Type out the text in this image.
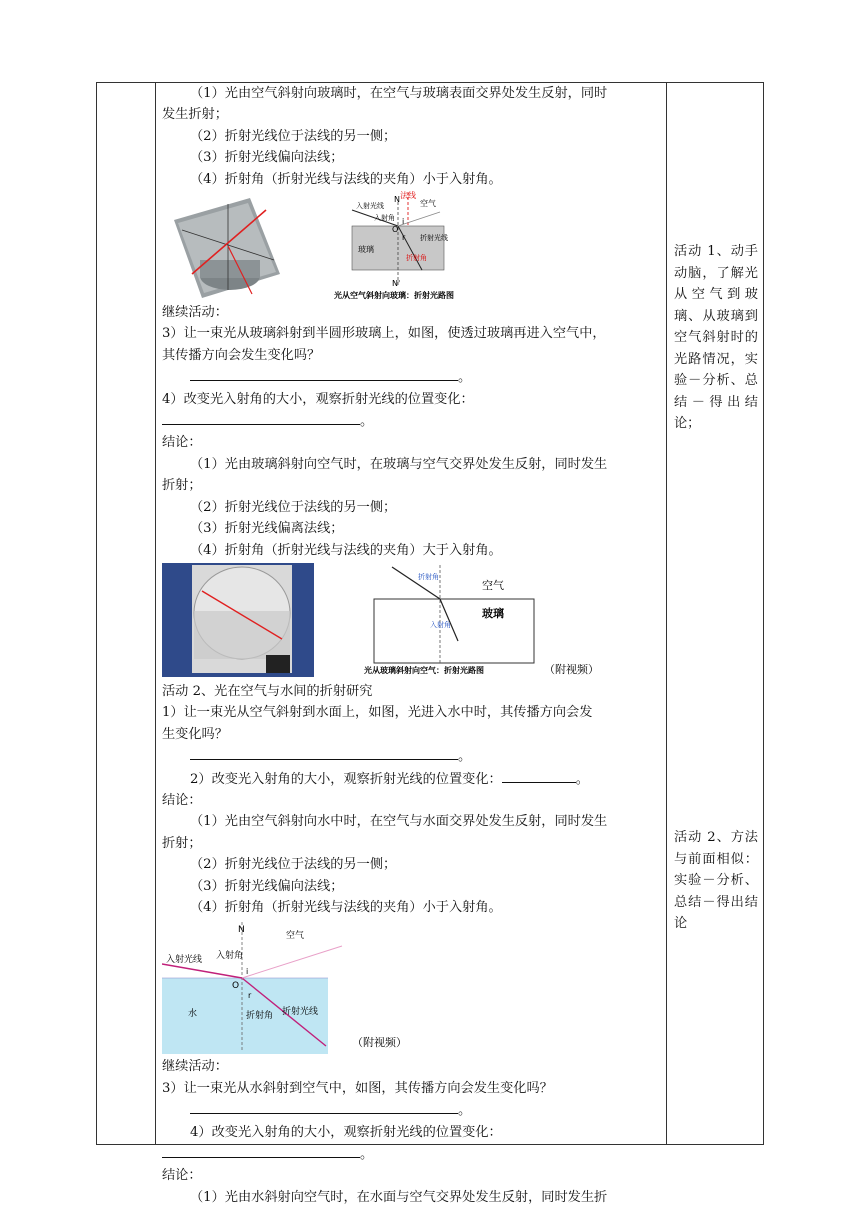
（1）光由空气斜射向玻璃时，在空气与玻璃表面交界处发生反射，同时

发生折射；

（2）折射光线位于法线的另一侧；

（3）折射光线偏向法线；

（4）折射角（折射光线与法线的夹角）小于入射角。

N 法线
空气
入射光线
入射角
O
i
r
玻璃
折射光线
折射角
N'
光从空气斜射向玻璃：折射光路图

继续活动：

3）让一束光从玻璃斜射到半圆形玻璃上，如图，使透过玻璃再进入空气中，

其传播方向会发生变化吗？

。

4）改变光入射角的大小，观察折射光线的位置变化：

。

结论：

（1）光由玻璃斜射向空气时，在玻璃与空气交界处发生反射，同时发生

折射；

（2）折射光线位于法线的另一侧；

（3）折射光线偏离法线；

（4）折射角（折射光线与法线的夹角）大于入射角。

折射角
空气
玻璃
入射角
光从玻璃斜射向空气：折射光路图	（附视频）

活动 2、光在空气与水间的折射研究

1）让一束光从空气斜射到水面上，如图，光进入水中时，其传播方向会发

生变化吗？

。

2）改变光入射角的大小，观察折射光线的位置变化：	。

结论：

（1）光由空气斜射向水中时，在空气与水面交界处发生反射，同时发生

折射；

（2）折射光线位于法线的另一侧；

（3）折射光线偏向法线；

（4）折射角（折射光线与法线的夹角）小于入射角。

N
空气
入射光线 入射角
i
O
水
r
折射角 折射光线
（附视频）

继续活动：

3）让一束光从水斜射到空气中，如图，其传播方向会发生变化吗？

。

4）改变光入射角的大小，观察折射光线的位置变化：

。

结论：

（1）光由水斜射向空气时，在水面与空气交界处发生反射，同时发生折

活动 1、动手动脑，了解光从空气到玻璃、从玻璃到空气斜射时的光路情况，实验－分析、总结－得出结论；
活动 2、方法与前面相似：实验－分析、总结－得出结论
